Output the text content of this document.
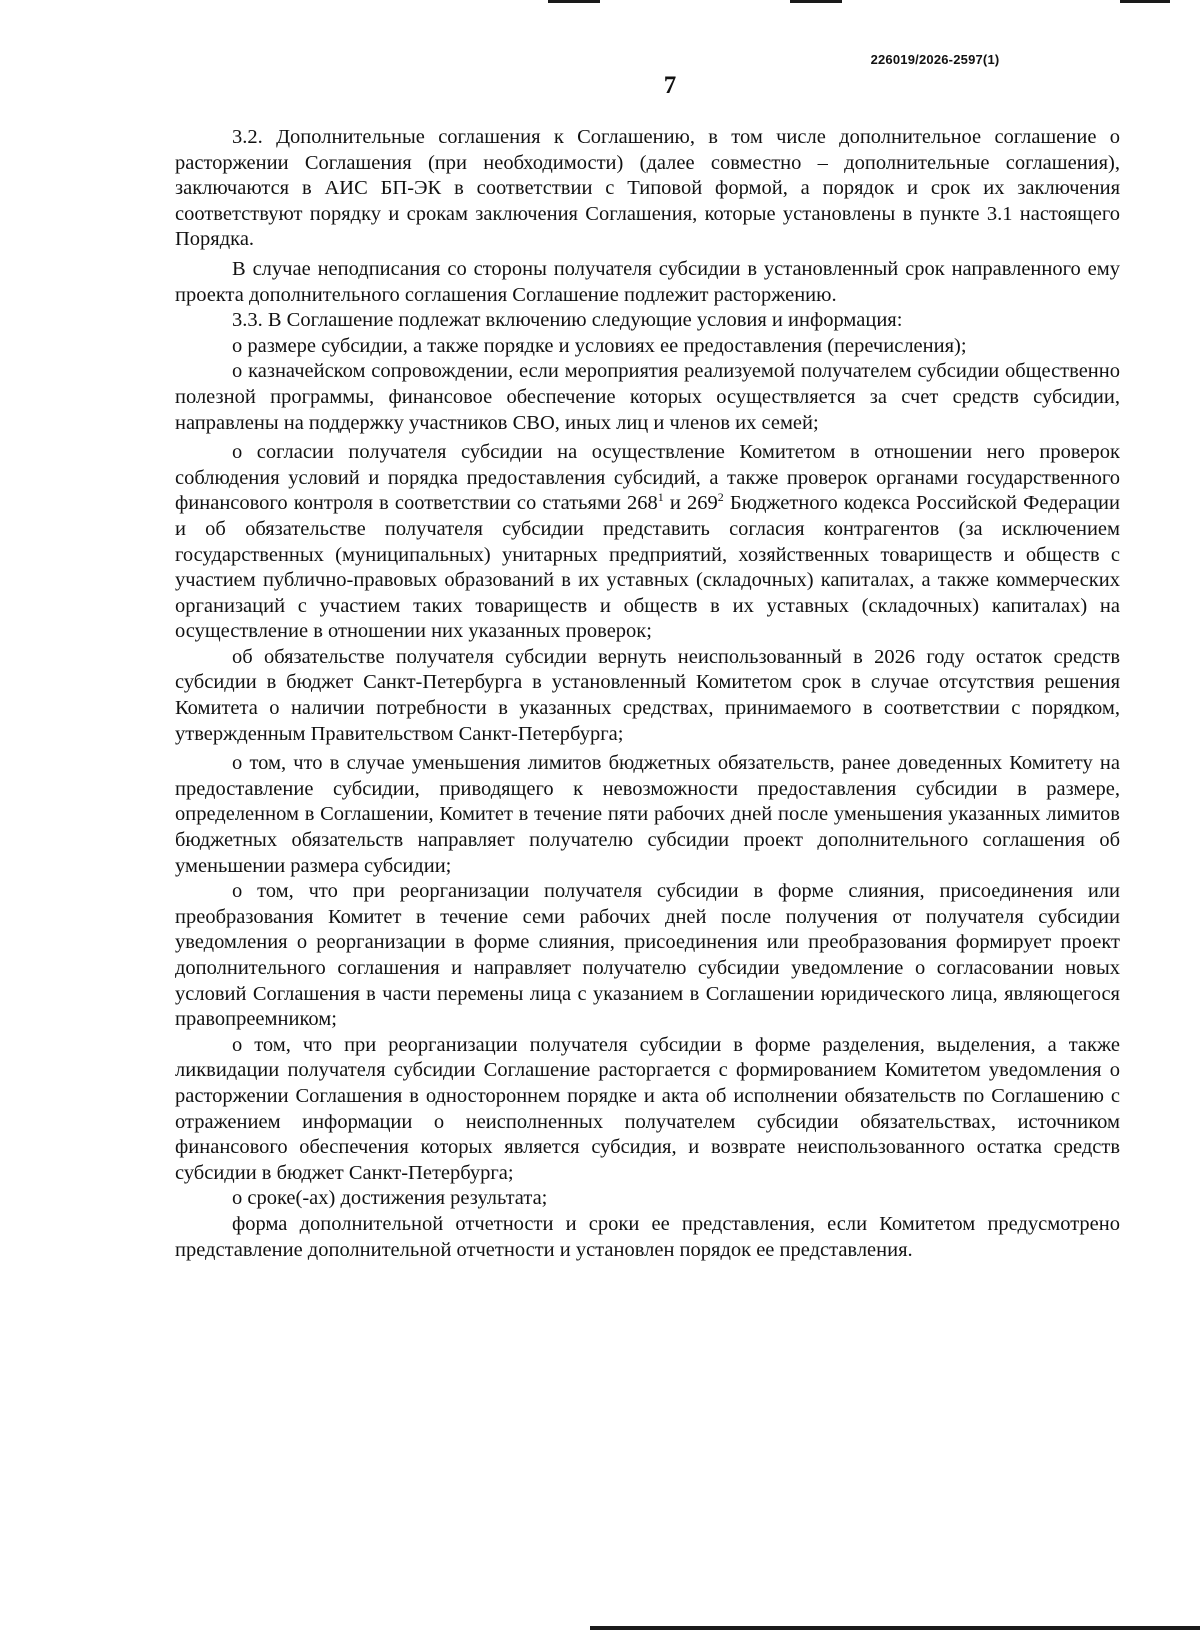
226019/2026-2597(1)
7

3.2. Дополнительные соглашения к Соглашению, в том числе дополнительное соглашение о расторжении Соглашения (при необходимости) (далее совместно – дополнительные соглашения), заключаются в АИС БП-ЭК в соответствии с Типовой формой, а порядок и срок их заключения соответствуют порядку и срокам заключения Соглашения, которые установлены в пункте 3.1 настоящего Порядка.

В случае неподписания со стороны получателя субсидии в установленный срок направленного ему проекта дополнительного соглашения Соглашение подлежит расторжению.

3.3. В Соглашение подлежат включению следующие условия и информация:

о размере субсидии, а также порядке и условиях ее предоставления (перечисления);

о казначейском сопровождении, если мероприятия реализуемой получателем субсидии общественно полезной программы, финансовое обеспечение которых осуществляется за счет средств субсидии, направлены на поддержку участников СВО, иных лиц и членов их семей;

о согласии получателя субсидии на осуществление Комитетом в отношении него проверок соблюдения условий и порядка предоставления субсидий, а также проверок органами государственного финансового контроля в соответствии со статьями $268^1$ и $269^2$ Бюджетного кодекса Российской Федерации и об обязательстве получателя субсидии представить согласия контрагентов (за исключением государственных (муниципальных) унитарных предприятий, хозяйственных товариществ и обществ с участием публично-правовых образований в их уставных (складочных) капиталах, а также коммерческих организаций с участием таких товариществ и обществ в их уставных (складочных) капиталах) на осуществление в отношении них указанных проверок;

об обязательстве получателя субсидии вернуть неиспользованный в 2026 году остаток средств субсидии в бюджет Санкт-Петербурга в установленный Комитетом срок в случае отсутствия решения Комитета о наличии потребности в указанных средствах, принимаемого в соответствии с порядком, утвержденным Правительством Санкт-Петербурга;

о том, что в случае уменьшения лимитов бюджетных обязательств, ранее доведенных Комитету на предоставление субсидии, приводящего к невозможности предоставления субсидии в размере, определенном в Соглашении, Комитет в течение пяти рабочих дней после уменьшения указанных лимитов бюджетных обязательств направляет получателю субсидии проект дополнительного соглашения об уменьшении размера субсидии;

о том, что при реорганизации получателя субсидии в форме слияния, присоединения или преобразования Комитет в течение семи рабочих дней после получения от получателя субсидии уведомления о реорганизации в форме слияния, присоединения или преобразования формирует проект дополнительного соглашения и направляет получателю субсидии уведомление о согласовании новых условий Соглашения в части перемены лица с указанием в Соглашении юридического лица, являющегося правопреемником;

о том, что при реорганизации получателя субсидии в форме разделения, выделения, а также ликвидации получателя субсидии Соглашение расторгается с формированием Комитетом уведомления о расторжении Соглашения в одностороннем порядке и акта об исполнении обязательств по Соглашению с отражением информации о неисполненных получателем субсидии обязательствах, источником финансового обеспечения которых является субсидия, и возврате неиспользованного остатка средств субсидии в бюджет Санкт-Петербурга;

о сроке(-ах) достижения результата;

форма дополнительной отчетности и сроки ее представления, если Комитетом предусмотрено представление дополнительной отчетности и установлен порядок ее представления.
